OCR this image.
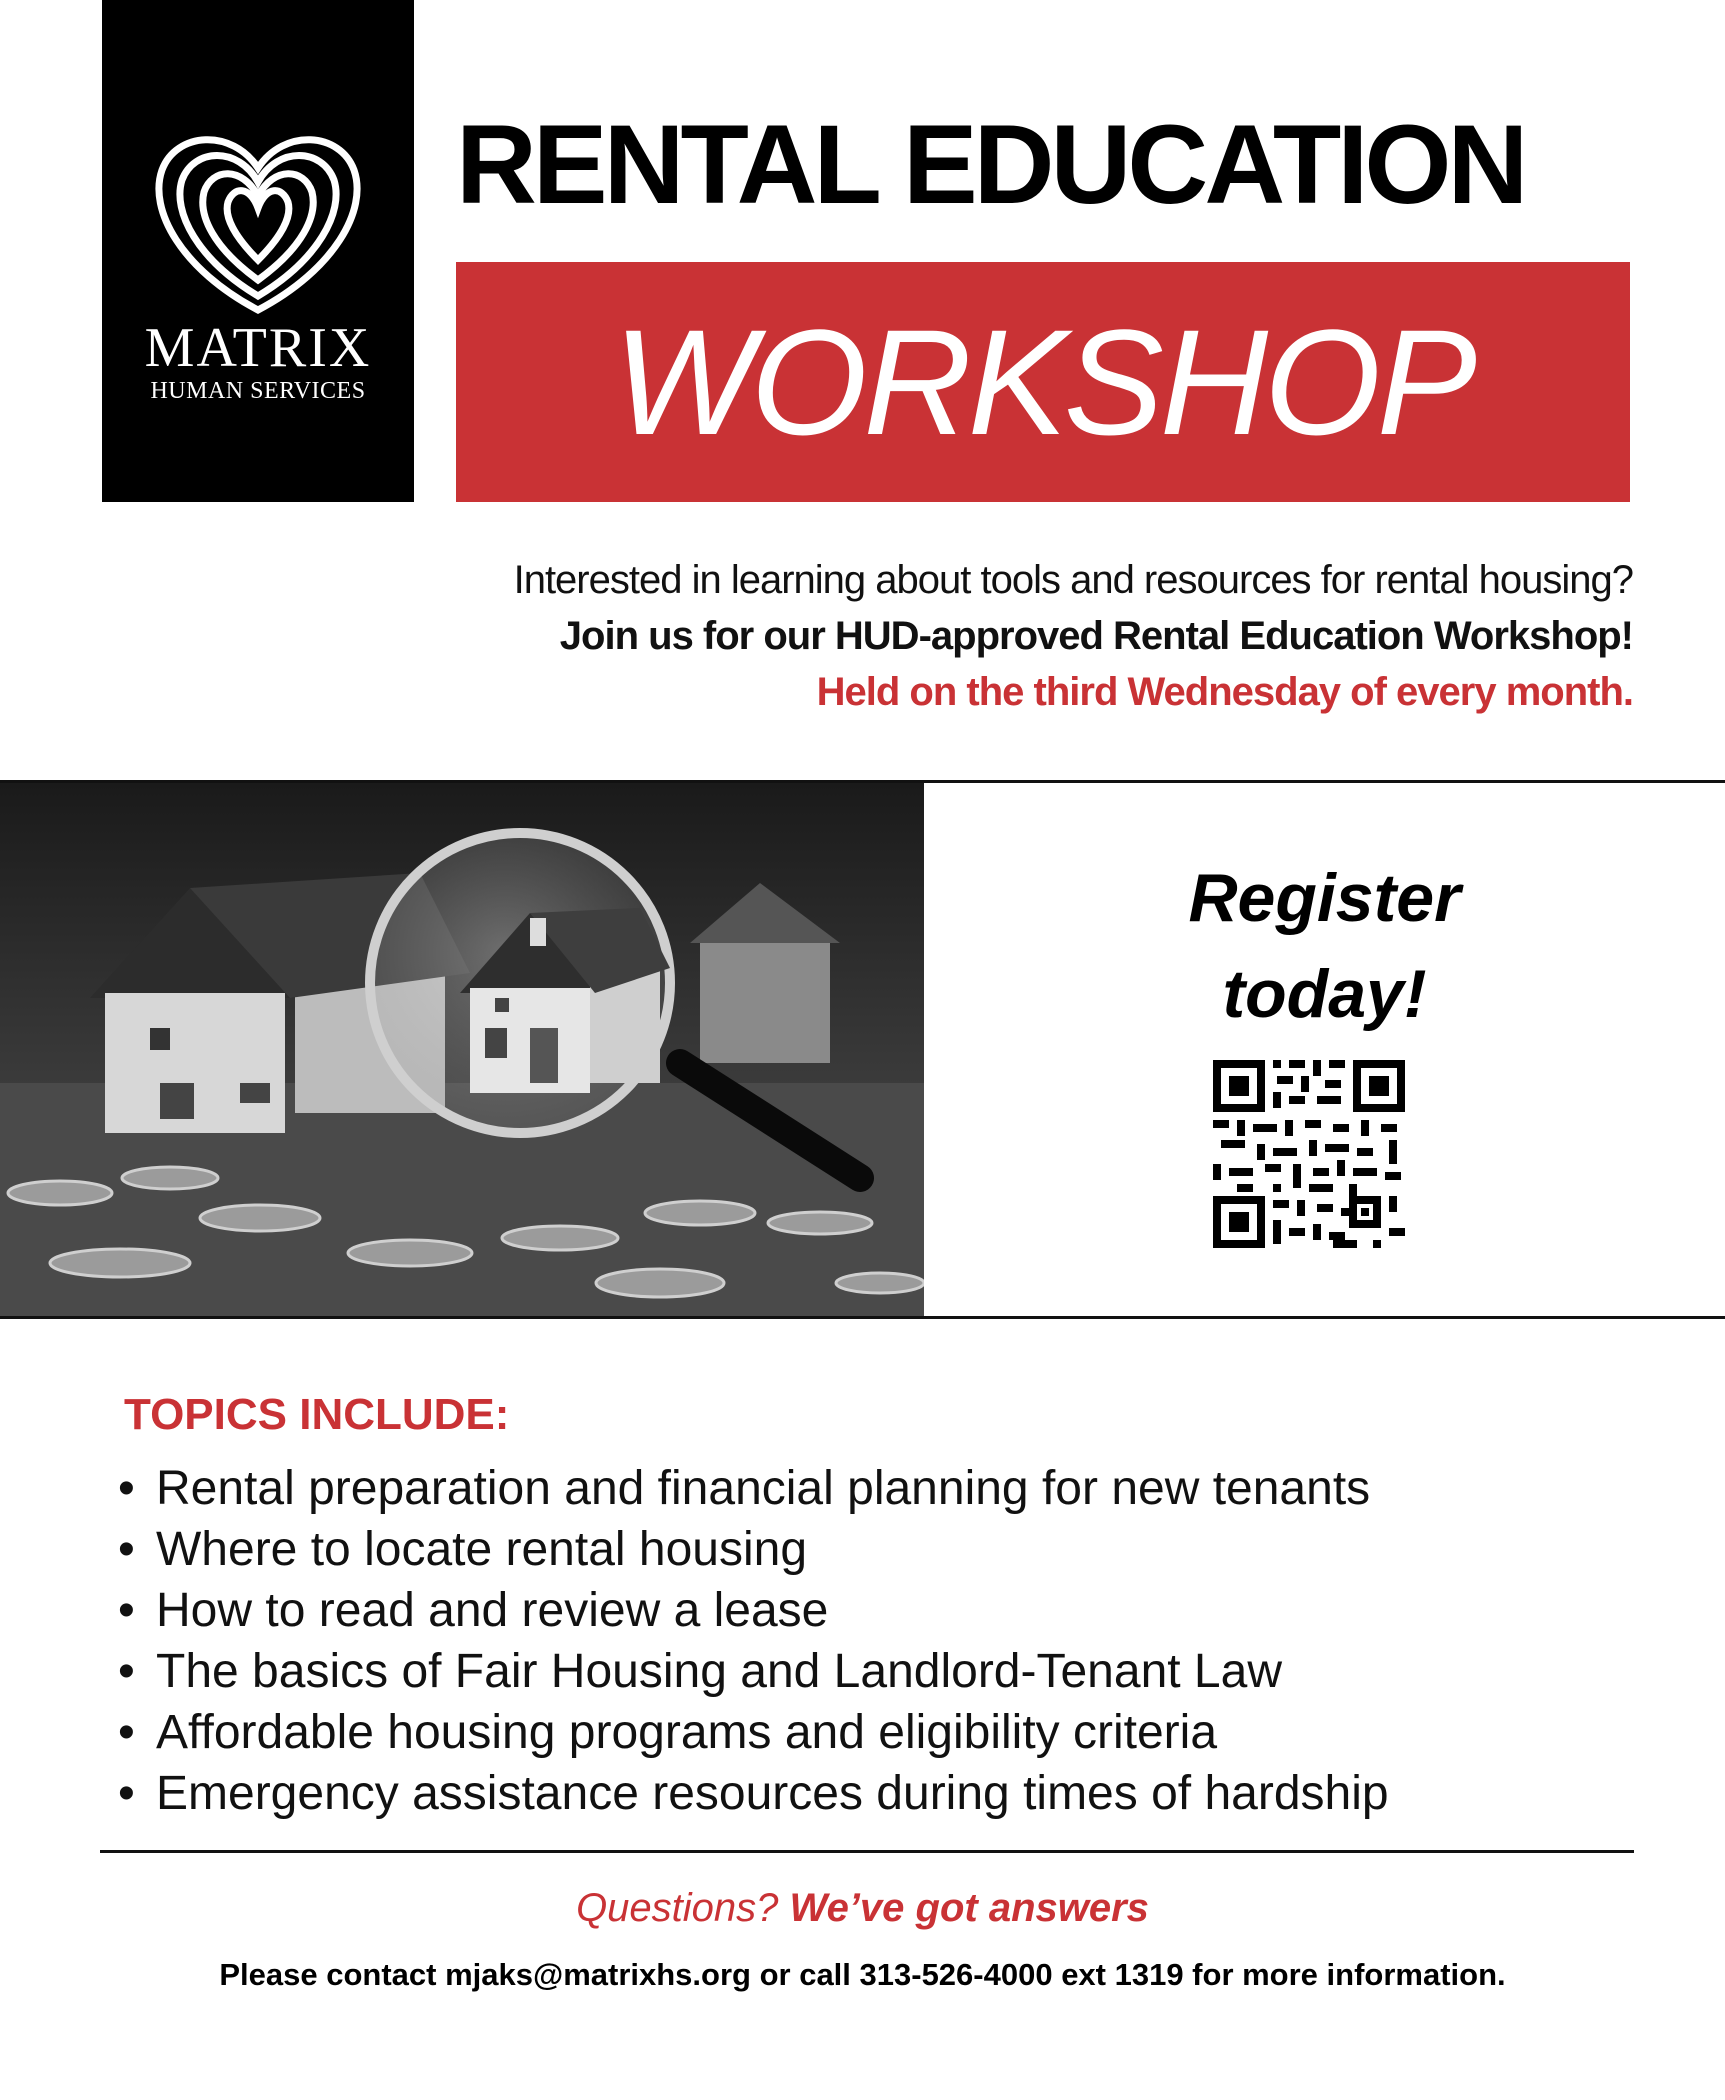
MATRIX
HUMAN SERVICES
RENTAL EDUCATION
WORKSHOP
Interested in learning about tools and resources for rental housing?
Join us for our HUD-approved Rental Education Workshop!
Held on the third Wednesday of every month.
Register
today!
TOPICS INCLUDE:
• Rental preparation and financial planning for new tenants
• Where to locate rental housing
• How to read and review a lease
• The basics of Fair Housing and Landlord-Tenant Law
• Affordable housing programs and eligibility criteria
• Emergency assistance resources during times of hardship
Questions? We’ve got answers
Please contact mjaks@matrixhs.org or call 313-526-4000 ext 1319 for more information.
